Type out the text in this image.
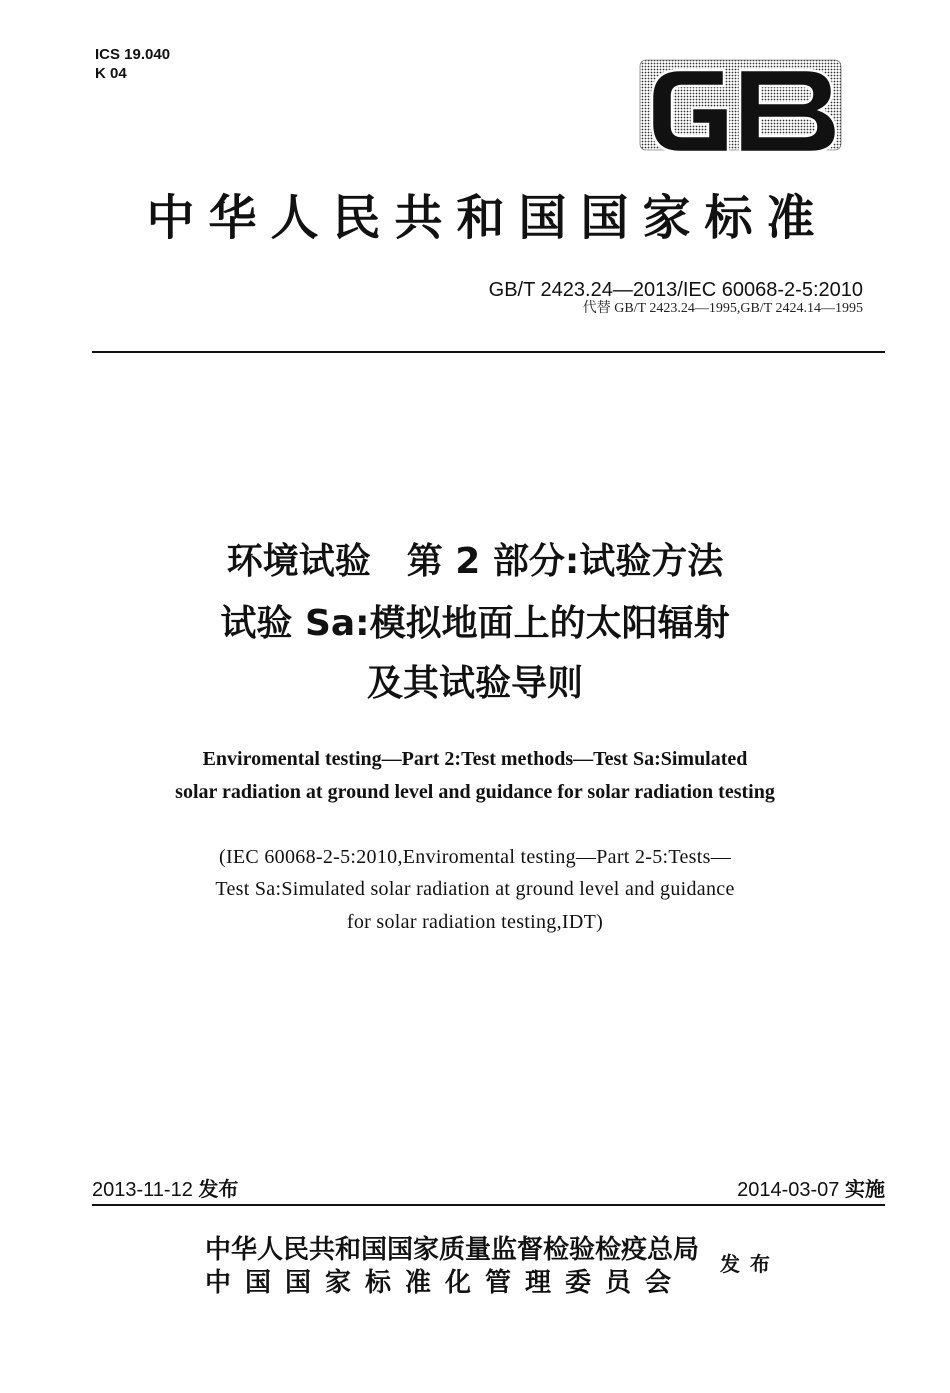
ICS 19.040
K 04
中华人民共和国国家标准
GB/T 2423.24—2013/IEC 60068-2-5:2010
代替 GB/T 2423.24—1995,GB/T 2424.14—1995
环境试验　第 2 部分:试验方法
试验 Sa:模拟地面上的太阳辐射
及其试验导则
Enviromental testing—Part 2:Test methods—Test Sa:Simulated
solar radiation at ground level and guidance for solar radiation testing
(IEC 60068-2-5:2010,Enviromental testing—Part 2-5:Tests—
Test Sa:Simulated solar radiation at ground level and guidance
for solar radiation testing,IDT)
2013-11-12 发布	2014-03-07 实施
中华人民共和国国家质量监督检验检疫总局
中国国家标准化管理委员会
发布
